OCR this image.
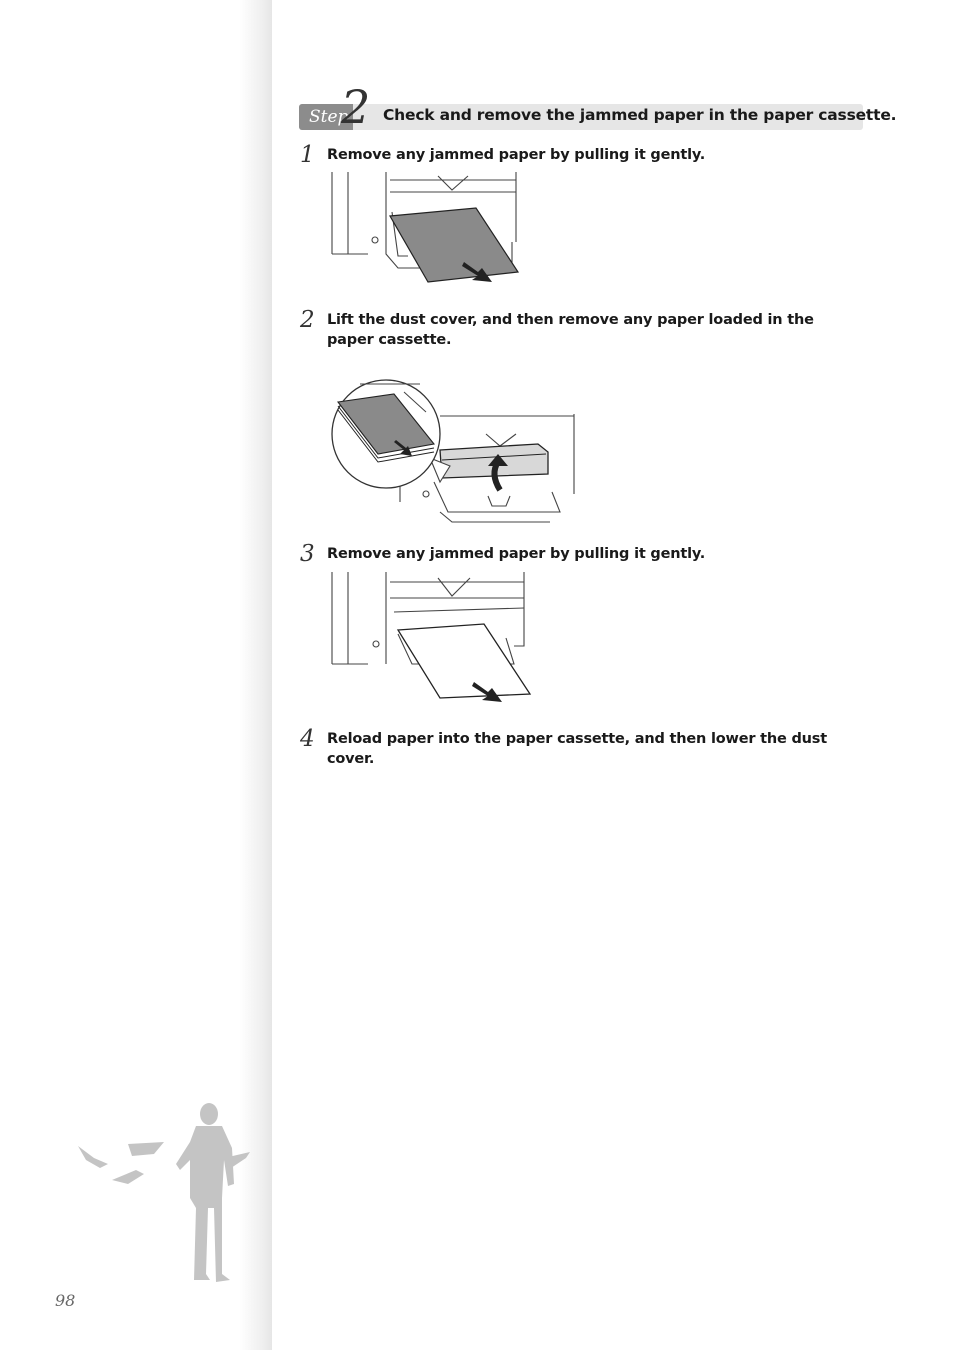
Step
2 Check and remove the jammed paper in the paper cassette.
1 Remove any jammed paper by pulling it gently.
2 Lift the dust cover, and then remove any paper loaded in the paper cassette.
3 Remove any jammed paper by pulling it gently.
4 Reload paper into the paper cassette, and then lower the dust cover.
98
